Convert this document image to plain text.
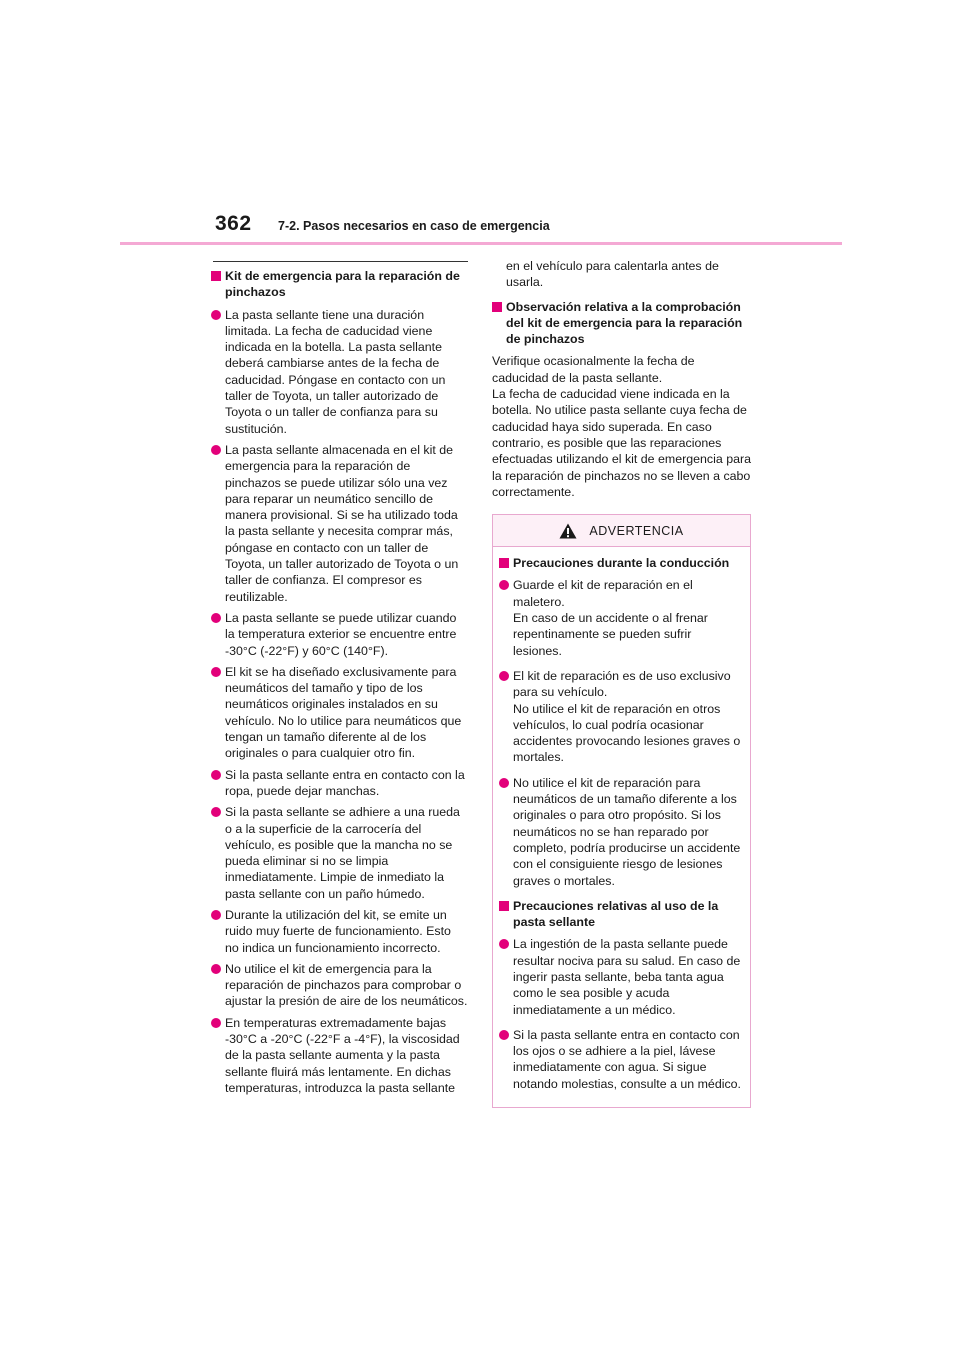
362 7-2. Pasos necesarios en caso de emergencia
Kit de emergencia para la reparación de pinchazos
La pasta sellante tiene una duración limitada. La fecha de caducidad viene indicada en la botella. La pasta sellante deberá cambiarse antes de la fecha de caducidad. Póngase en contacto con un taller de Toyota, un taller autorizado de Toyota o un taller de confianza para su sustitución.
La pasta sellante almacenada en el kit de emergencia para la reparación de pinchazos se puede utilizar sólo una vez para reparar un neumático sencillo de manera provisional. Si se ha utilizado toda la pasta sellante y necesita comprar más, póngase en contacto con un taller de Toyota, un taller autorizado de Toyota o un taller de confianza. El compresor es reutilizable.
La pasta sellante se puede utilizar cuando la temperatura exterior se encuentre entre -30°C (-22°F) y 60°C (140°F).
El kit se ha diseñado exclusivamente para neumáticos del tamaño y tipo de los neumáticos originales instalados en su vehículo. No lo utilice para neumáticos que tengan un tamaño diferente al de los originales o para cualquier otro fin.
Si la pasta sellante entra en contacto con la ropa, puede dejar manchas.
Si la pasta sellante se adhiere a una rueda o a la superficie de la carrocería del vehículo, es posible que la mancha no se pueda eliminar si no se limpia inmediatamente. Limpie de inmediato la pasta sellante con un paño húmedo.
Durante la utilización del kit, se emite un ruido muy fuerte de funcionamiento. Esto no indica un funcionamiento incorrecto.
No utilice el kit de emergencia para la reparación de pinchazos para comprobar o ajustar la presión de aire de los neumáticos.
En temperaturas extremadamente bajas -30°C a -20°C (-22°F a -4°F), la viscosidad de la pasta sellante aumenta y la pasta sellante fluirá más lentamente. En dichas temperaturas, introduzca la pasta sellante
en el vehículo para calentarla antes de usarla.
Observación relativa a la comprobación del kit de emergencia para la reparación de pinchazos
Verifique ocasionalmente la fecha de caducidad de la pasta sellante.
La fecha de caducidad viene indicada en la botella. No utilice pasta sellante cuya fecha de caducidad haya sido superada. En caso contrario, es posible que las reparaciones efectuadas utilizando el kit de emergencia para la reparación de pinchazos no se lleven a cabo correctamente.
ADVERTENCIA
Precauciones durante la conducción
Guarde el kit de reparación en el maletero.
En caso de un accidente o al frenar repentinamente se pueden sufrir lesiones.
El kit de reparación es de uso exclusivo para su vehículo.
No utilice el kit de reparación en otros vehículos, lo cual podría ocasionar accidentes provocando lesiones graves o mortales.
No utilice el kit de reparación para neumáticos de un tamaño diferente a los originales o para otro propósito. Si los neumáticos no se han reparado por completo, podría producirse un accidente con el consiguiente riesgo de lesiones graves o mortales.
Precauciones relativas al uso de la pasta sellante
La ingestión de la pasta sellante puede resultar nociva para su salud. En caso de ingerir pasta sellante, beba tanta agua como le sea posible y acuda inmediatamente a un médico.
Si la pasta sellante entra en contacto con los ojos o se adhiere a la piel, lávese inmediatamente con agua. Si sigue notando molestias, consulte a un médico.
